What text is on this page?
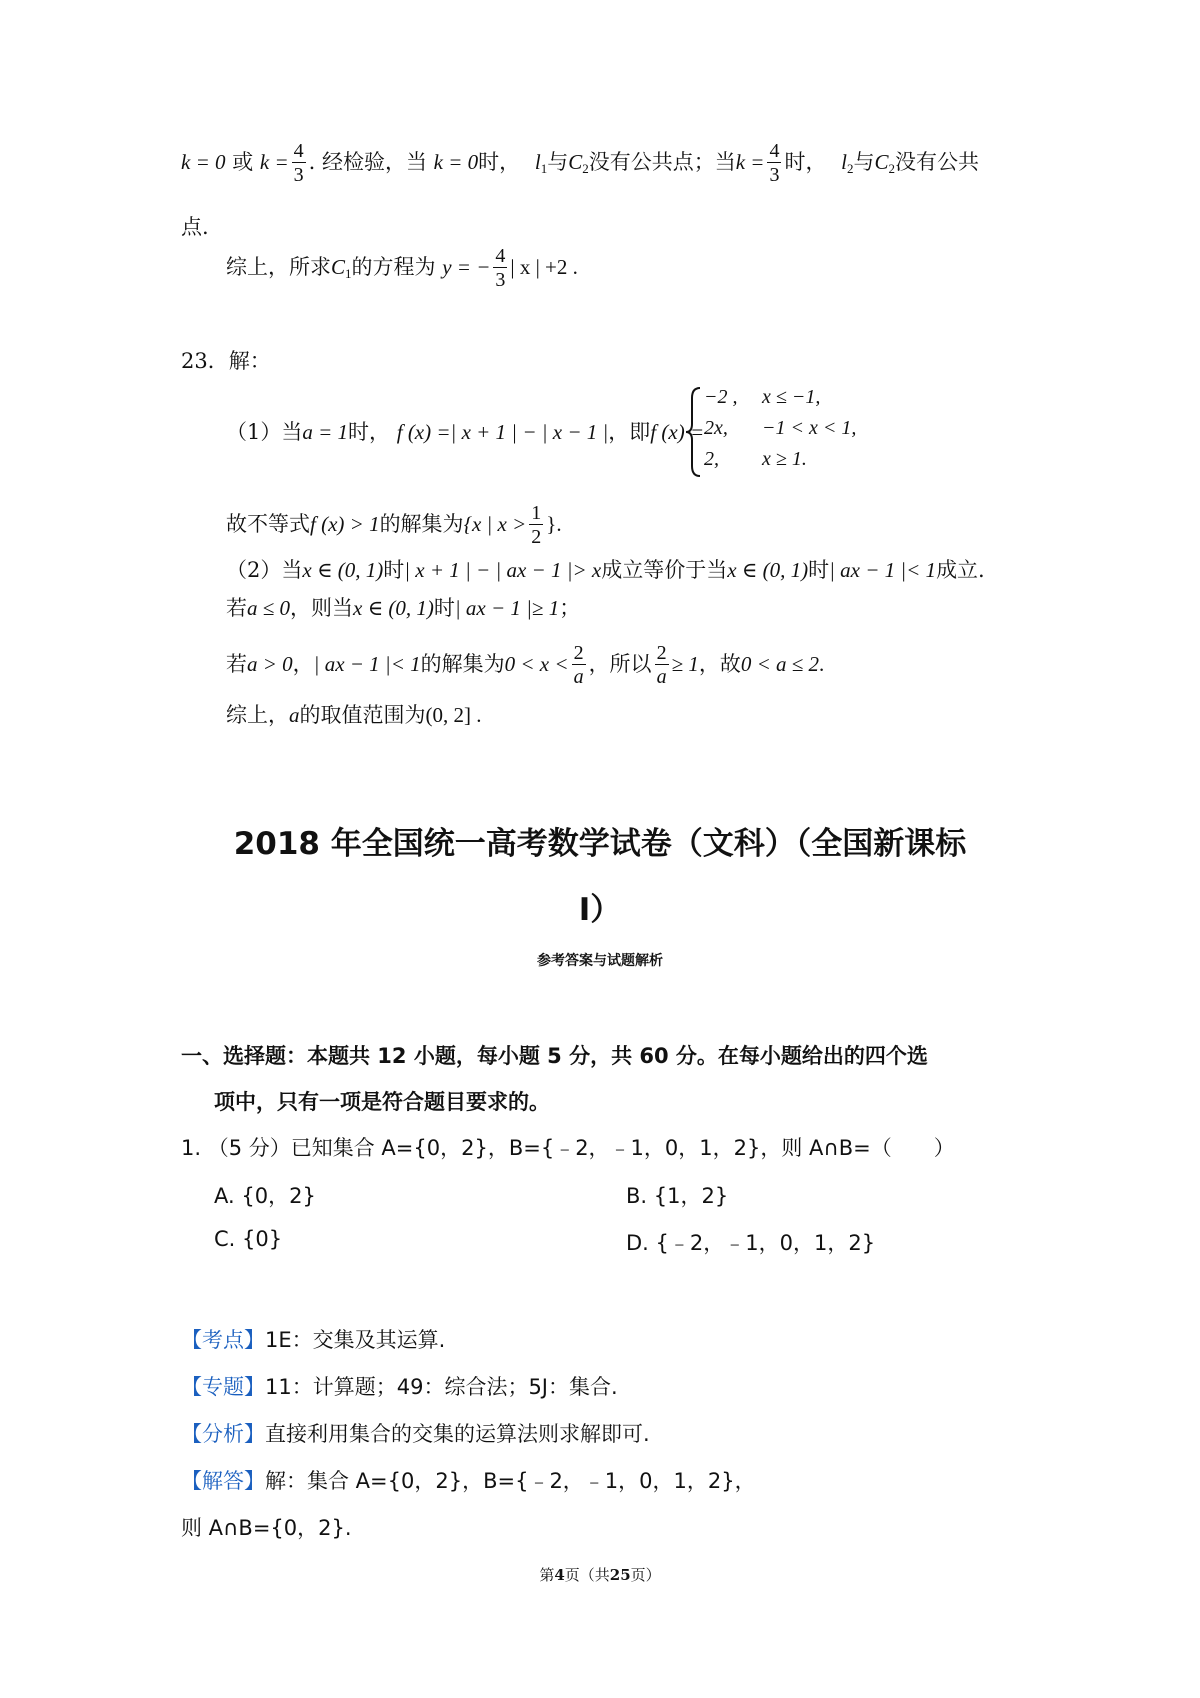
k = 0 或 $k = \frac{4}{3}$ . 经检验，当 k = 0时， $l_1$与$C_2$没有公共点；当$k = \frac{4}{3}$ 时， $l_2$与$C_2$没有公共
点.
综上，所求$C_1$的方程为 y = − $\frac{4}{3}$ | x | +2 .
23．解：
（1）当a = 1时， f (x) =| x + 1 | − | x − 1 |，即f (x) =
−2 , x ≤ −1,
2x, −1 < x < 1,
2, x ≥ 1.
故不等式f (x) > 1的解集为{x | $x > \frac{1}{2}$ }.
（2）当x ∈ (0, 1)时| x + 1 | − | ax − 1 |> x成立等价于当x ∈ (0, 1)时| ax − 1 |< 1成立.
若a ≤ 0，则当x ∈ (0, 1)时| ax − 1 |≥ 1；
若a > 0，| ax − 1 |< 1的解集为$0 < x < \frac{2}{a}$ ，所以 $\frac{2}{a} \ge 1$，故0 < a ≤ 2.
综上，a的取值范围为(0, 2] .
2018 年全国统一高考数学试卷（文科）（全国新课标
Ⅰ）
参考答案与试题解析
一、选择题：本题共 12 小题，每小题 5 分，共 60 分。在每小题给出的四个选
项中，只有一项是符合题目要求的。
1. （5 分）已知集合 A={0，2}，B={﹣2，﹣1，0，1，2}，则 A∩B=（　　）
A. {0，2}	B. {1，2}
C. {0}	D. {﹣2，﹣1，0，1，2}
【考点】1E：交集及其运算.
【专题】11：计算题；49：综合法；5J：集合.
【分析】直接利用集合的交集的运算法则求解即可.
【解答】解：集合 A={0，2}，B={﹣2，﹣1，0，1，2}，
则 A∩B={0，2}.
第4页（共25页）
